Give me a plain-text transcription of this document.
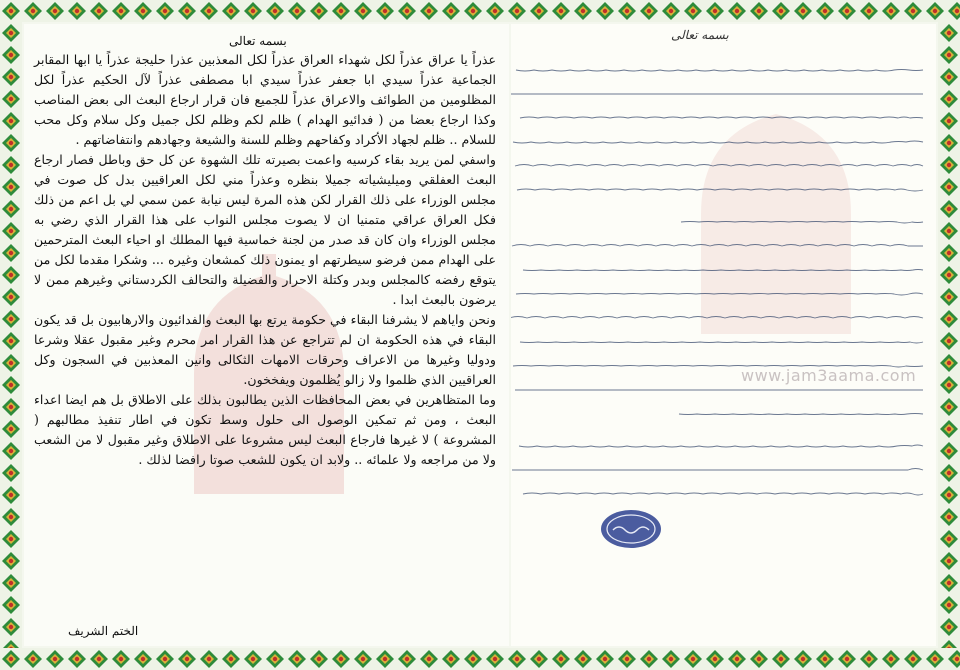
بسمه تعالى

عذراً يا عراق عذراً لكل شهداء العراق عذراً لكل المعذبين عذرا حليجة عذراً يا ابها المقابر الجماعية عذراً سيدي ابا جعفر عذراً سيدي ابا مصطفى عذراً لآل الحكيم عذراً لكل المظلومين من الطوائف والاعراق عذراً للجميع فان قرار ارجاع البعث الى بعض المناصب وكذا ارجاع بعضا من ( فدائيو الهدام ) ظلم لكم وظلم لكل جميل وكل سلام وكل محب للسلام .. ظلم لجهاد الأكراد وكفاحهم وظلم للسنة والشيعة وجهادهم وانتفاضاتهم .

واسفي لمن يريد بقاء كرسيه واعمت بصيرته تلك الشهوة عن كل حق وباطل فصار ارجاع البعث العفلقي وميليشياته جميلا بنظره وعذراً مني لكل العراقيين بدل كل صوت في مجلس الوزراء على ذلك القرار لكن هذه المرة ليس نيابة عمن سمي لي بل اعم من ذلك فكل العراق عراقي متمنيا ان لا يصوت مجلس النواب على هذا القرار الذي رضي به مجلس الوزراء وان كان قد صدر من لجنة خماسية فيها المطلك او احياء البعث المترحمين على الهدام ممن فرضو سيطرتهم او يمنون ذلك كمشعان وغيره ... وشكرا مقدما لكل من يتوقع رفضه كالمجلس وبدر وكتلة الاحرار والفضيلة والتحالف الكردستاني وغيرهم ممن لا يرضون بالبعث ابدا .

ونحن واياهم لا يشرفنا البقاء في حكومة يرتع بها البعث والفدائيون والارهابيون بل قد يكون البقاء في هذه الحكومة ان لم تتراجع عن هذا القرار امر محرم وغير مقبول عقلا وشرعا ودوليا وغيرها من الاعراف وحرقات الامهات الثكالى وانين المعذبين في السجون وكل العراقيين الذي ظلموا ولا زالو يُظلمون ويفخخون.

وما المتظاهرين في بعض المحافظات الذين يطالبون بذلك على الاطلاق بل هم ايضا اعداء البعث ، ومن ثم تمكين الوصول الى حلول وسط تكون في اطار تنفيذ مطالبهم ( المشروعة ) لا غيرها فارجاع البعث ليس مشروعا على الاطلاق وغير مقبول لا من الشعب ولا من مراجعه ولا علمائه .. ولابد ان يكون للشعب صوتا رافضا لذلك .

الختم الشريف
بسمه تعالى
www.jam3aama.com
